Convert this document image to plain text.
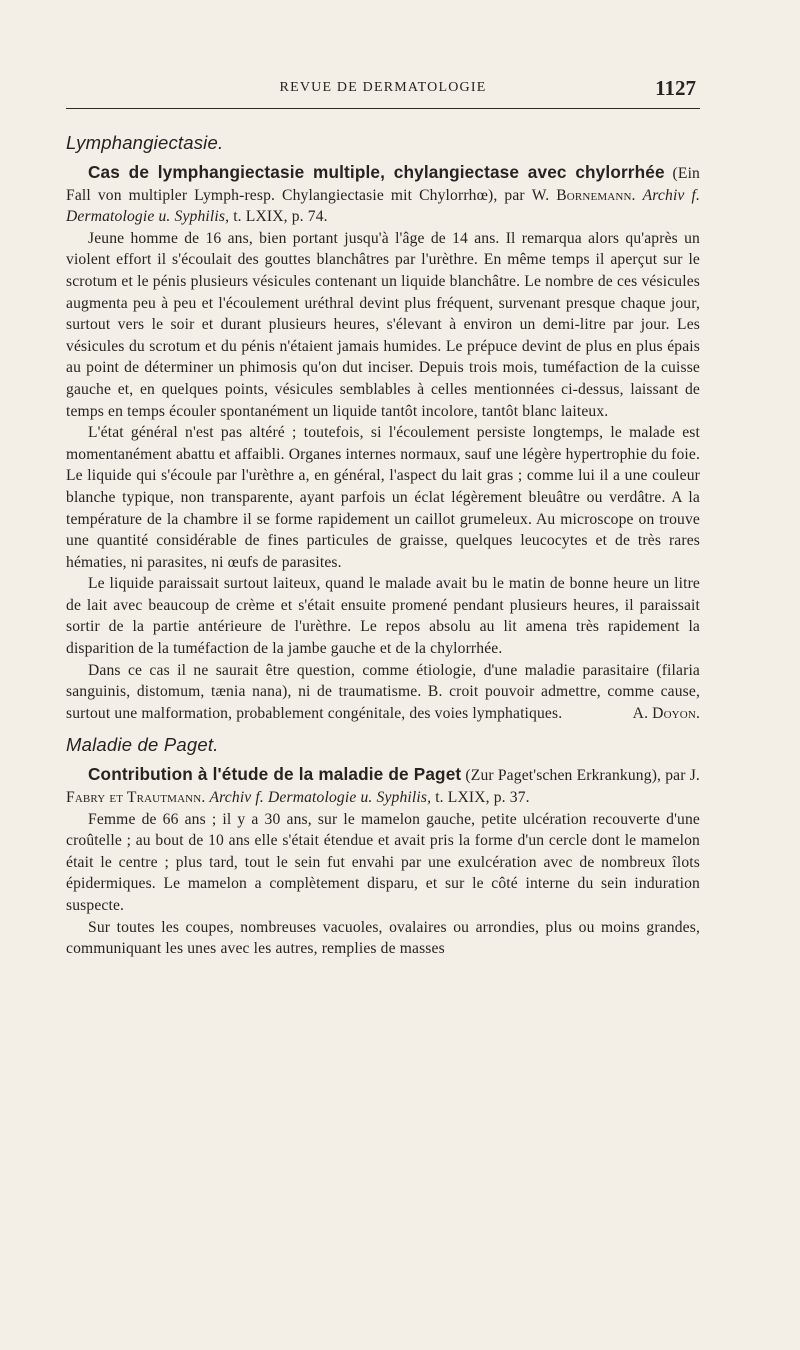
REVUE DE DERMATOLOGIE	1127
Lymphangiectasie.

Cas de lymphangiectasie multiple, chylangiectase avec chylorrhée (Ein Fall von multipler Lymph-resp. Chylangiectasie mit Chylorrhœ), par W. Bornemann. Archiv f. Dermatologie u. Syphilis, t. LXIX, p. 74.

Jeune homme de 16 ans, bien portant jusqu'à l'âge de 14 ans. Il remarqua alors qu'après un violent effort il s'écoulait des gouttes blanchâtres par l'urèthre. En même temps il aperçut sur le scrotum et le pénis plusieurs vésicules contenant un liquide blanchâtre. Le nombre de ces vésicules augmenta peu à peu et l'écoulement uréthral devint plus fréquent, survenant presque chaque jour, surtout vers le soir et durant plusieurs heures, s'élevant à environ un demi-litre par jour. Les vésicules du scrotum et du pénis n'étaient jamais humides. Le prépuce devint de plus en plus épais au point de déterminer un phimosis qu'on dut inciser. Depuis trois mois, tuméfaction de la cuisse gauche et, en quelques points, vésicules semblables à celles mentionnées ci-dessus, laissant de temps en temps écouler spontanément un liquide tantôt incolore, tantôt blanc laiteux.

L'état général n'est pas altéré ; toutefois, si l'écoulement persiste longtemps, le malade est momentanément abattu et affaibli. Organes internes normaux, sauf une légère hypertrophie du foie. Le liquide qui s'écoule par l'urèthre a, en général, l'aspect du lait gras ; comme lui il a une couleur blanche typique, non transparente, ayant parfois un éclat légèrement bleuâtre ou verdâtre. A la température de la chambre il se forme rapidement un caillot grumeleux. Au microscope on trouve une quantité considérable de fines particules de graisse, quelques leucocytes et de très rares hématies, ni parasites, ni œufs de parasites.

Le liquide paraissait surtout laiteux, quand le malade avait bu le matin de bonne heure un litre de lait avec beaucoup de crème et s'était ensuite promené pendant plusieurs heures, il paraissait sortir de la partie antérieure de l'urèthre. Le repos absolu au lit amena très rapidement la disparition de la tuméfaction de la jambe gauche et de la chylorrhée.

Dans ce cas il ne saurait être question, comme étiologie, d'une maladie parasitaire (filaria sanguinis, distomum, tænia nana), ni de traumatisme. B. croit pouvoir admettre, comme cause, surtout une malformation, probablement congénitale, des voies lymphatiques.	A. Doyon.

Maladie de Paget.

Contribution à l'étude de la maladie de Paget (Zur Paget'schen Erkrankung), par J. Fabry et Trautmann. Archiv f. Dermatologie u. Syphilis, t. LXIX, p. 37.

Femme de 66 ans ; il y a 30 ans, sur le mamelon gauche, petite ulcération recouverte d'une croûtelle ; au bout de 10 ans elle s'était étendue et avait pris la forme d'un cercle dont le mamelon était le centre ; plus tard, tout le sein fut envahi par une exulcération avec de nombreux îlots épidermiques. Le mamelon a complètement disparu, et sur le côté interne du sein induration suspecte.

Sur toutes les coupes, nombreuses vacuoles, ovalaires ou arrondies, plus ou moins grandes, communiquant les unes avec les autres, remplies de masses
